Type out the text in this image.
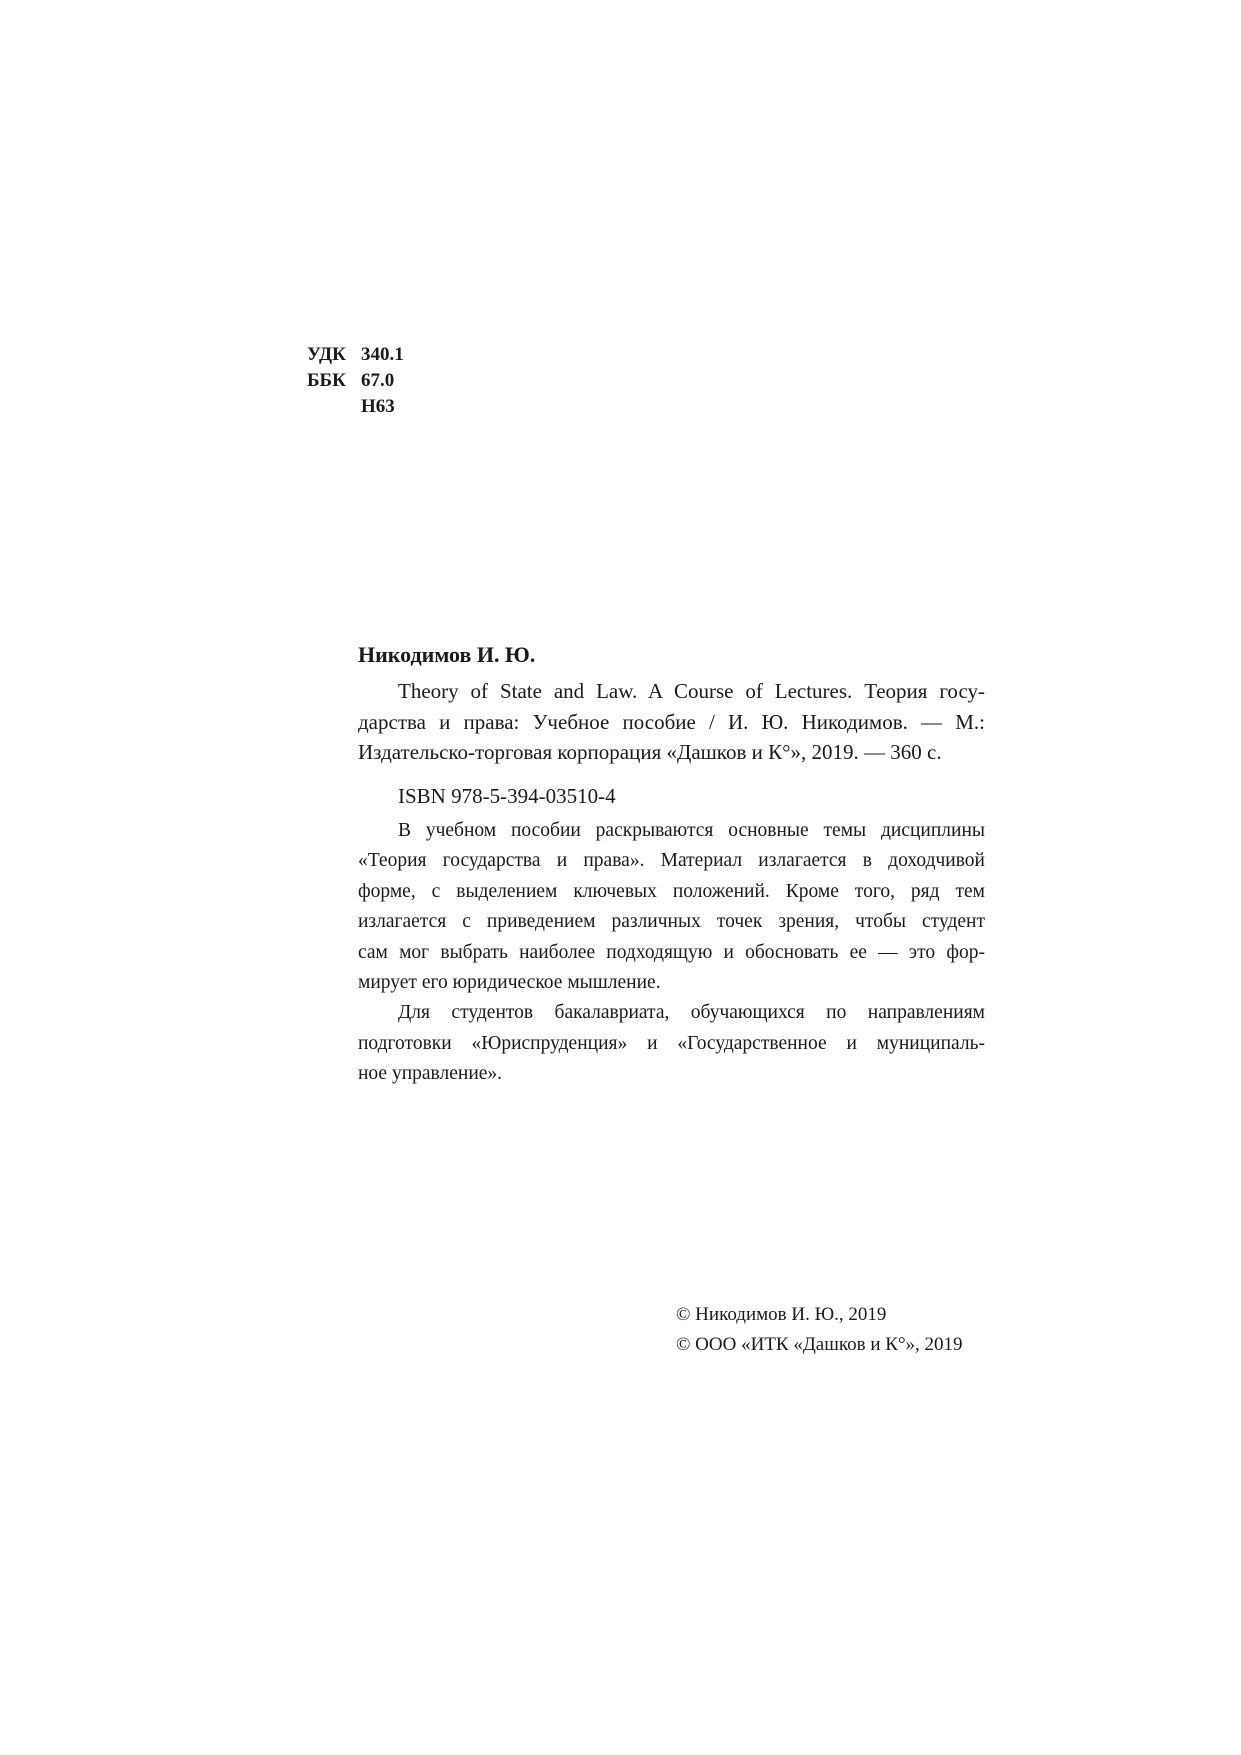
УДК 340.1
ББК 67.0
Н63

Никодимов И. Ю.

Theory of State and Law. A Course of Lectures. Теория госу-
дарства и права: Учебное пособие / И. Ю. Никодимов. — М.:
Издательско-торговая корпорация «Дашков и К°», 2019. — 360 с.

ISBN 978-5-394-03510-4

В учебном пособии раскрываются основные темы дисциплины
«Теория государства и права». Материал излагается в доходчивой
форме, с выделением ключевых положений. Кроме того, ряд тем
излагается с приведением различных точек зрения, чтобы студент
сам мог выбрать наиболее подходящую и обосновать ее — это фор-
мирует его юридическое мышление.

Для студентов бакалавриата, обучающихся по направлениям
подготовки «Юриспруденция» и «Государственное и муниципаль-
ное управление».

© Никодимов И. Ю., 2019
© ООО «ИТК «Дашков и К°», 2019
